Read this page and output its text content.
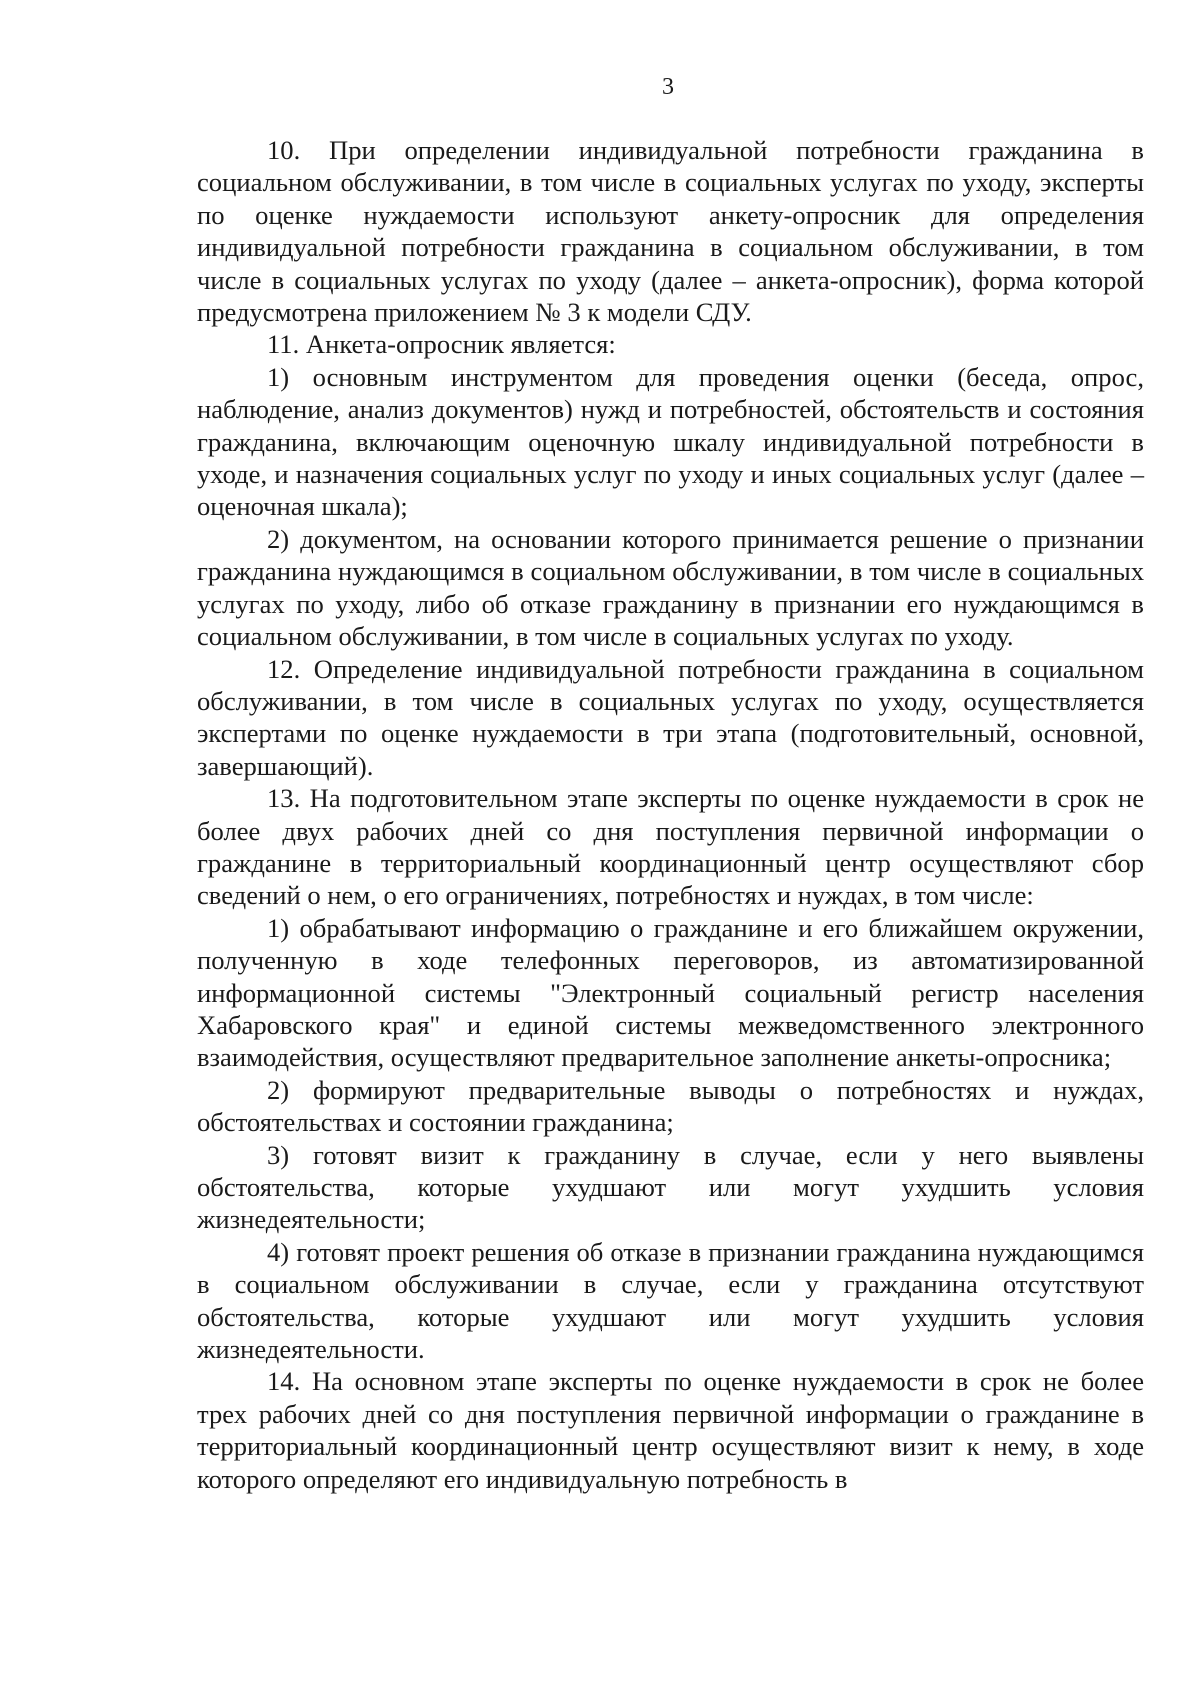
3

10. При определении индивидуальной потребности гражданина в социальном обслуживании, в том числе в социальных услугах по уходу, эксперты по оценке нуждаемости используют анкету-опросник для определения индивидуальной потребности гражданина в социальном обслуживании, в том числе в социальных услугах по уходу (далее – анкета-опросник), форма которой предусмотрена приложением № 3 к модели СДУ.

11. Анкета-опросник является:

1) основным инструментом для проведения оценки (беседа, опрос, наблюдение, анализ документов) нужд и потребностей, обстоятельств и состояния гражданина, включающим оценочную шкалу индивидуальной потребности в уходе, и назначения социальных услуг по уходу и иных социальных услуг (далее – оценочная шкала);

2) документом, на основании которого принимается решение о признании гражданина нуждающимся в социальном обслуживании, в том числе в социальных услугах по уходу, либо об отказе гражданину в признании его нуждающимся в социальном обслуживании, в том числе в социальных услугах по уходу.

12. Определение индивидуальной потребности гражданина в социальном обслуживании, в том числе в социальных услугах по уходу, осуществляется экспертами по оценке нуждаемости в три этапа (подготовительный, основной, завершающий).

13. На подготовительном этапе эксперты по оценке нуждаемости в срок не более двух рабочих дней со дня поступления первичной информации о гражданине в территориальный координационный центр осуществляют сбор сведений о нем, о его ограничениях, потребностях и нуждах, в том числе:

1) обрабатывают информацию о гражданине и его ближайшем окружении, полученную в ходе телефонных переговоров, из автоматизированной информационной системы "Электронный социальный регистр населения Хабаровского края" и единой системы межведомственного электронного взаимодействия, осуществляют предварительное заполнение анкеты-опросника;

2) формируют предварительные выводы о потребностях и нуждах, обстоятельствах и состоянии гражданина;

3) готовят визит к гражданину в случае, если у него выявлены обстоятельства, которые ухудшают или могут ухудшить условия жизнедеятельности;

4) готовят проект решения об отказе в признании гражданина нуждающимся в социальном обслуживании в случае, если у гражданина отсутствуют обстоятельства, которые ухудшают или могут ухудшить условия жизнедеятельности.

14. На основном этапе эксперты по оценке нуждаемости в срок не более трех рабочих дней со дня поступления первичной информации о гражданине в территориальный координационный центр осуществляют визит к нему, в ходе которого определяют его индивидуальную потребность в
